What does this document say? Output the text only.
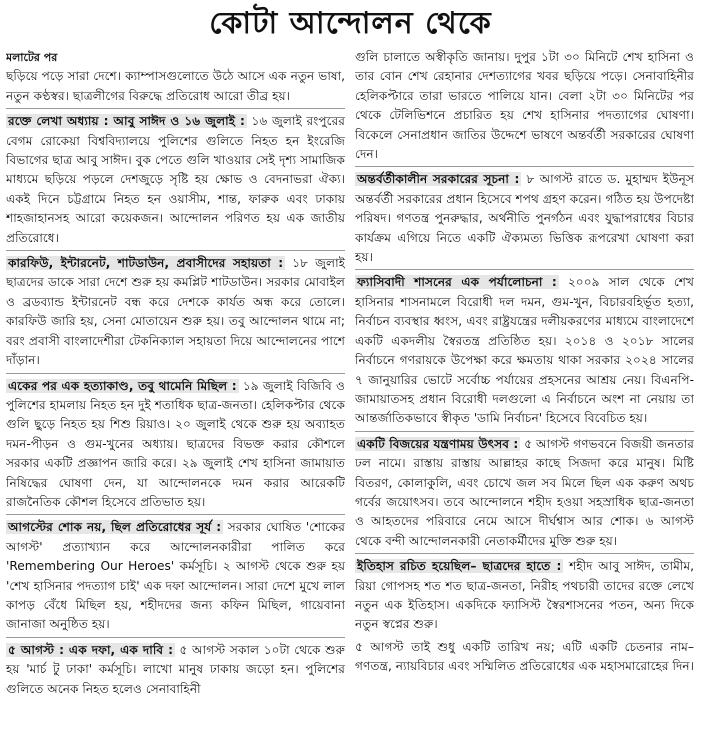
কোটা আন্দোলন থেকে

মলাটের পর

ছড়িয়ে পড়ে সারা দেশে। ক্যাম্পাসগুলোতে উঠে আসে এক নতুন ভাষা, নতুন কণ্ঠস্বর। ছাত্রলীগের বিরুদ্ধে প্রতিরোধ আরো তীব্র হয়।

রক্তে লেখা অধ্যায় : আবু সাঈদ ও ১৬ জুলাই : ১৬ জুলাই রংপুরের বেগম রোকেয়া বিশ্ববিদ্যালয়ে পুলিশের গুলিতে নিহত হন ইংরেজি বিভাগের ছাত্র আবু সাঈদ। বুক পেতে গুলি খাওয়ার সেই দৃশ্য সামাজিক মাধ্যমে ছড়িয়ে পড়লে দেশজুড়ে সৃষ্টি হয় ক্ষোভ ও বেদনাভরা ঐক্য। একই দিনে চট্টগ্রামে নিহত হন ওয়াসীম, শান্ত, ফারুক এবং ঢাকায় শাহজাহানসহ আরো কয়েকজন। আন্দোলন পরিণত হয় এক জাতীয় প্রতিরোধে।

কারফিউ, ইন্টারনেট, শাটডাউন, প্রবাসীদের সহায়তা : ১৮ জুলাই ছাত্রদের ডাকে সারা দেশে শুরু হয় কমপ্লিট শাটডাউন। সরকার মোবাইল ও ব্রডব্যান্ড ইন্টারনেট বন্ধ করে দেশকে কার্যত অন্ধ করে তোলে। কারফিউ জারি হয়, সেনা মোতায়েন শুরু হয়। তবু আন্দোলন থামে না; বরং প্রবাসী বাংলাদেশীরা টেকনিক্যাল সহায়তা দিয়ে আন্দোলনের পাশে দাঁড়ান।

একের পর এক হত্যাকাণ্ড, তবু থামেনি মিছিল : ১৯ জুলাই বিজিবি ও পুলিশের হামলায় নিহত হন দুই শতাধিক ছাত্র-জনতা। হেলিকপ্টার থেকে গুলি ছুড়ে নিহত হয় শিশু রিয়াও। ২০ জুলাই থেকে শুরু হয় অব্যাহত দমন-পীড়ন ও গুম-খুনের অধ্যায়। ছাত্রদের বিভক্ত করার কৌশলে সরকার একটি প্রজ্ঞাপন জারি করে। ২৯ জুলাই শেখ হাসিনা জামায়াত নিষিদ্ধের ঘোষণা দেন, যা আন্দোলনকে দমন করার আরেকটি রাজনৈতিক কৌশল হিসেবে প্রতিভাত হয়।

আগস্টের শোক নয়, ছিল প্রতিরোধের সূর্য : সরকার ঘোষিত 'শোকের আগস্ট' প্রত্যাখ্যান করে আন্দোলনকারীরা পালিত করে 'Remembering Our Heroes' কর্মসূচি। ২ আগস্ট থেকে শুরু হয় 'শেখ হাসিনার পদত্যাগ চাই' এক দফা আন্দোলন। সারা দেশে মুখে লাল কাপড় বেঁধে মিছিল হয়, শহীদদের জন্য কফিন মিছিল, গায়েবানা জানাজা অনুষ্ঠিত হয়।

৫ আগস্ট : এক দফা, এক দাবি : ৫ আগস্ট সকাল ১০টা থেকে শুরু হয় 'মার্চ টু ঢাকা' কর্মসূচি। লাখো মানুষ ঢাকায় জড়ো হন। পুলিশের গুলিতে অনেক নিহত হলেও সেনাবাহিনী

গুলি চালাতে অস্বীকৃতি জানায়। দুপুর ১টা ৩০ মিনিটে শেখ হাসিনা ও তার বোন শেখ রেহানার দেশত্যাগের খবর ছড়িয়ে পড়ে। সেনাবাহিনীর হেলিকপ্টারে তারা ভারতে পালিয়ে যান। বেলা ২টা ৩০ মিনিটের পর থেকে টেলিভিশনে প্রচারিত হয় শেখ হাসিনার পদত্যাগের ঘোষণা। বিকেলে সেনাপ্রধান জাতির উদ্দেশে ভাষণে অন্তর্বর্তী সরকারের ঘোষণা দেন।

অন্তর্বর্তীকালীন সরকারের সূচনা : ৮ আগস্ট রাতে ড. মুহাম্মদ ইউনূস অন্তর্বর্তী সরকারের প্রধান হিসেবে শপথ গ্রহণ করেন। গঠিত হয় উপদেষ্টা পরিষদ। গণতন্ত্র পুনরুদ্ধার, অর্থনীতি পুনর্গঠন এবং যুদ্ধাপরাধের বিচার কার্যক্রম এগিয়ে নিতে একটি ঐক্যমত্য ভিত্তিক রূপরেখা ঘোষণা করা হয়।

ফ্যাসিবাদী শাসনের এক পর্যালোচনা : ২০০৯ সাল থেকে শেখ হাসিনার শাসনামলে বিরোধী দল দমন, গুম-খুন, বিচারবহির্ভূত হত্যা, নির্বাচন ব্যবস্থার ধ্বংস, এবং রাষ্ট্রযন্ত্রের দলীয়করণের মাধ্যমে বাংলাদেশে একটি একদলীয় স্বৈরতন্ত্র প্রতিষ্ঠিত হয়। ২০১৪ ও ২০১৮ সালের নির্বাচনে গণরায়কে উপেক্ষা করে ক্ষমতায় থাকা সরকার ২০২৪ সালের ৭ জানুয়ারির ভোটে সর্বোচ্চ পর্যায়ের প্রহসনের আশ্রয় নেয়। বিএনপি-জামায়াতসহ প্রধান বিরোধী দলগুলো এ নির্বাচনে অংশ না নেয়ায় তা আন্তর্জাতিকভাবে স্বীকৃত 'ডামি নির্বাচন' হিসেবে বিবেচিত হয়।

একটি বিজয়ের যন্ত্রণাময় উৎসব : ৫ আগস্ট গণভবনে বিজয়ী জনতার ঢল নামে। রাস্তায় রাস্তায় আল্লাহর কাছে সিজদা করে মানুষ। মিষ্টি বিতরণ, কোলাকুলি, এবং চোখে জল সব মিলে ছিল এক করুণ অথচ গর্বের জয়োৎসব। তবে আন্দোলনে শহীদ হওয়া সহস্রাধিক ছাত্র-জনতা ও আহতদের পরিবারে নেমে আসে দীর্ঘশ্বাস আর শোক। ৬ আগস্ট থেকে বন্দী আন্দোলনকারী নেতাকর্মীদের মুক্তি শুরু হয়।

ইতিহাস রচিত হয়েছিল– ছাত্রদের হাতে : শহীদ আবু সাঈদ, তামীম, রিয়া গোপসহ শত শত ছাত্র-জনতা, নিরীহ পথচারী তাদের রক্তে লেখে নতুন এক ইতিহাস। একদিকে ফ্যাসিস্ট স্বৈরশাসনের পতন, অন্য দিকে নতুন স্বপ্নের শুরু।

৫ আগস্ট তাই শুধু একটি তারিখ নয়; এটি একটি চেতনার নাম– গণতন্ত্র, ন্যায়বিচার এবং সম্মিলিত প্রতিরোধের এক মহাসমারোহের দিন।
